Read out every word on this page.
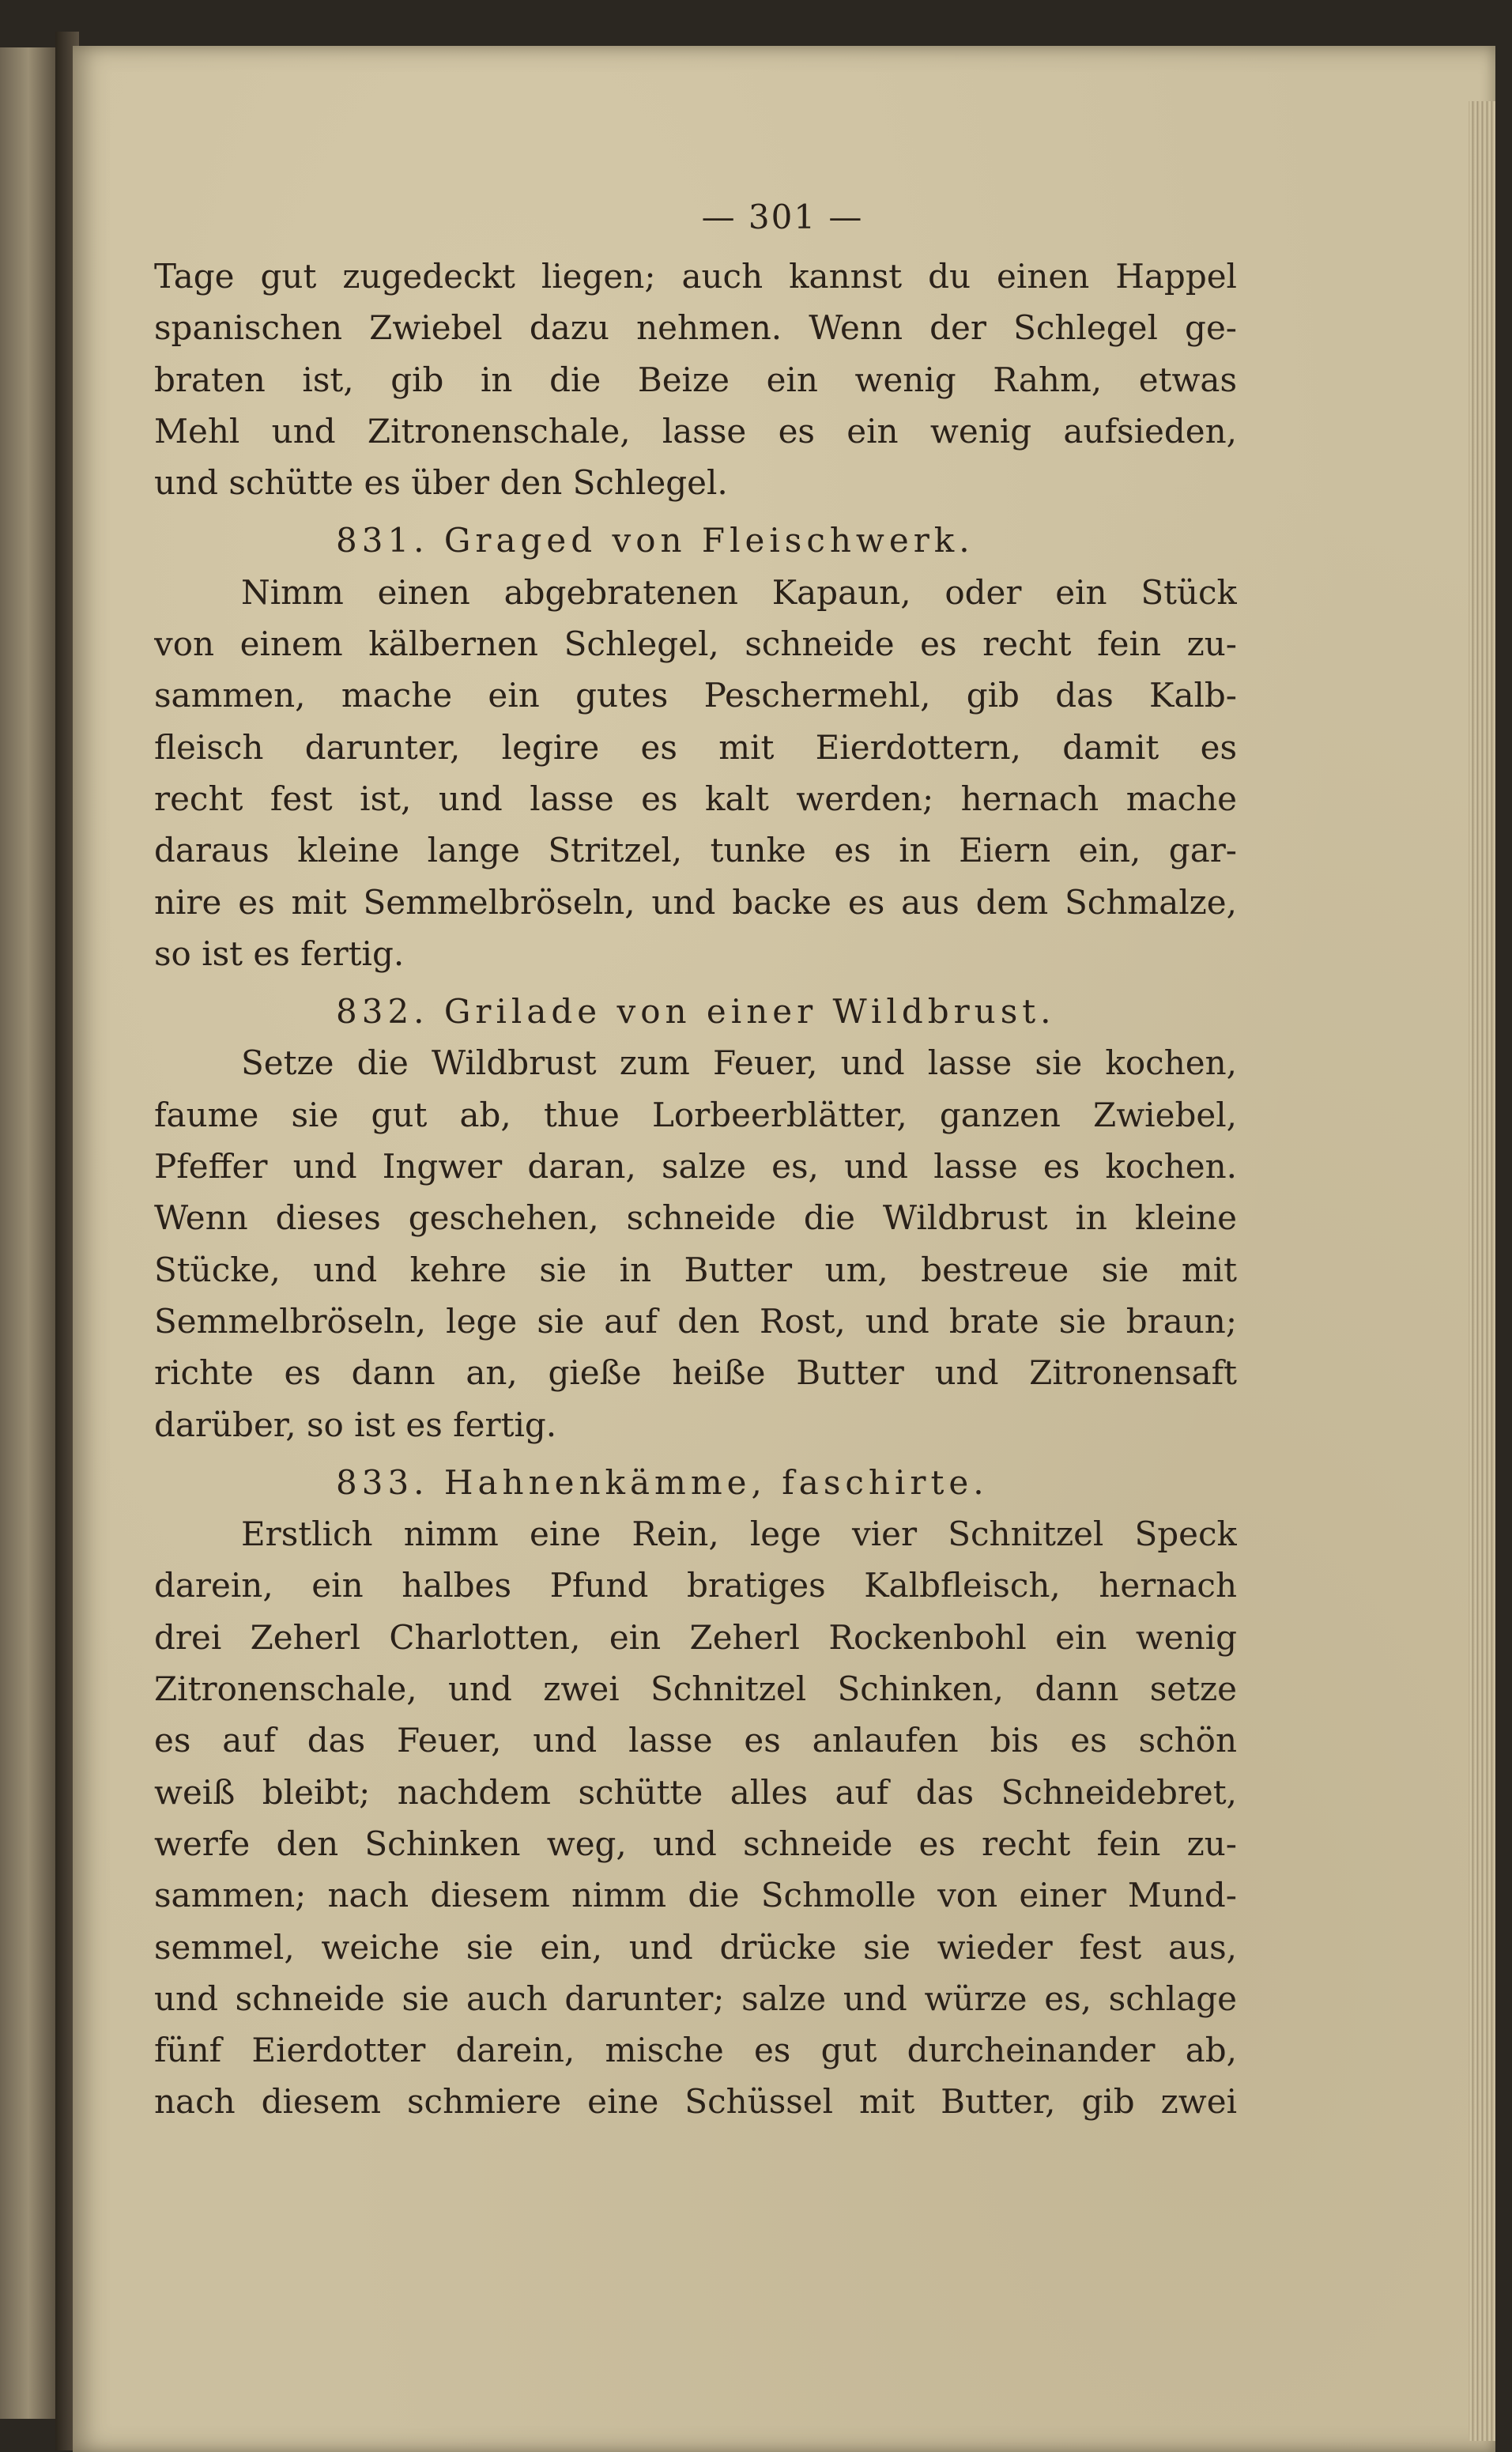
— 301 —
Tage gut zugedeckt liegen; auch kannst du einen Happel
spanischen Zwiebel dazu nehmen. Wenn der Schlegel ge-
braten ist, gib in die Beize ein wenig Rahm, etwas
Mehl und Zitronenschale, lasse es ein wenig aufsieden,
und schütte es über den Schlegel.
831. Graged von Fleischwerk.
Nimm einen abgebratenen Kapaun, oder ein Stück
von einem kälbernen Schlegel, schneide es recht fein zu-
sammen, mache ein gutes Peschermehl, gib das Kalb-
fleisch darunter, legire es mit Eierdottern, damit es
recht fest ist, und lasse es kalt werden; hernach mache
daraus kleine lange Stritzel, tunke es in Eiern ein, gar-
nire es mit Semmelbröseln, und backe es aus dem Schmalze,
so ist es fertig.
832. Grilade von einer Wildbrust.
Setze die Wildbrust zum Feuer, und lasse sie kochen,
faume sie gut ab, thue Lorbeerblätter, ganzen Zwiebel,
Pfeffer und Ingwer daran, salze es, und lasse es kochen.
Wenn dieses geschehen, schneide die Wildbrust in kleine
Stücke, und kehre sie in Butter um, bestreue sie mit
Semmelbröseln, lege sie auf den Rost, und brate sie braun;
richte es dann an, gieße heiße Butter und Zitronensaft
darüber, so ist es fertig.
833. Hahnenkämme, faschirte.
Erstlich nimm eine Rein, lege vier Schnitzel Speck
darein, ein halbes Pfund bratiges Kalbfleisch, hernach
drei Zeherl Charlotten, ein Zeherl Rockenbohl ein wenig
Zitronenschale, und zwei Schnitzel Schinken, dann setze
es auf das Feuer, und lasse es anlaufen bis es schön
weiß bleibt; nachdem schütte alles auf das Schneidebret,
werfe den Schinken weg, und schneide es recht fein zu-
sammen; nach diesem nimm die Schmolle von einer Mund-
semmel, weiche sie ein, und drücke sie wieder fest aus,
und schneide sie auch darunter; salze und würze es, schlage
fünf Eierdotter darein, mische es gut durcheinander ab,
nach diesem schmiere eine Schüssel mit Butter, gib zwei
